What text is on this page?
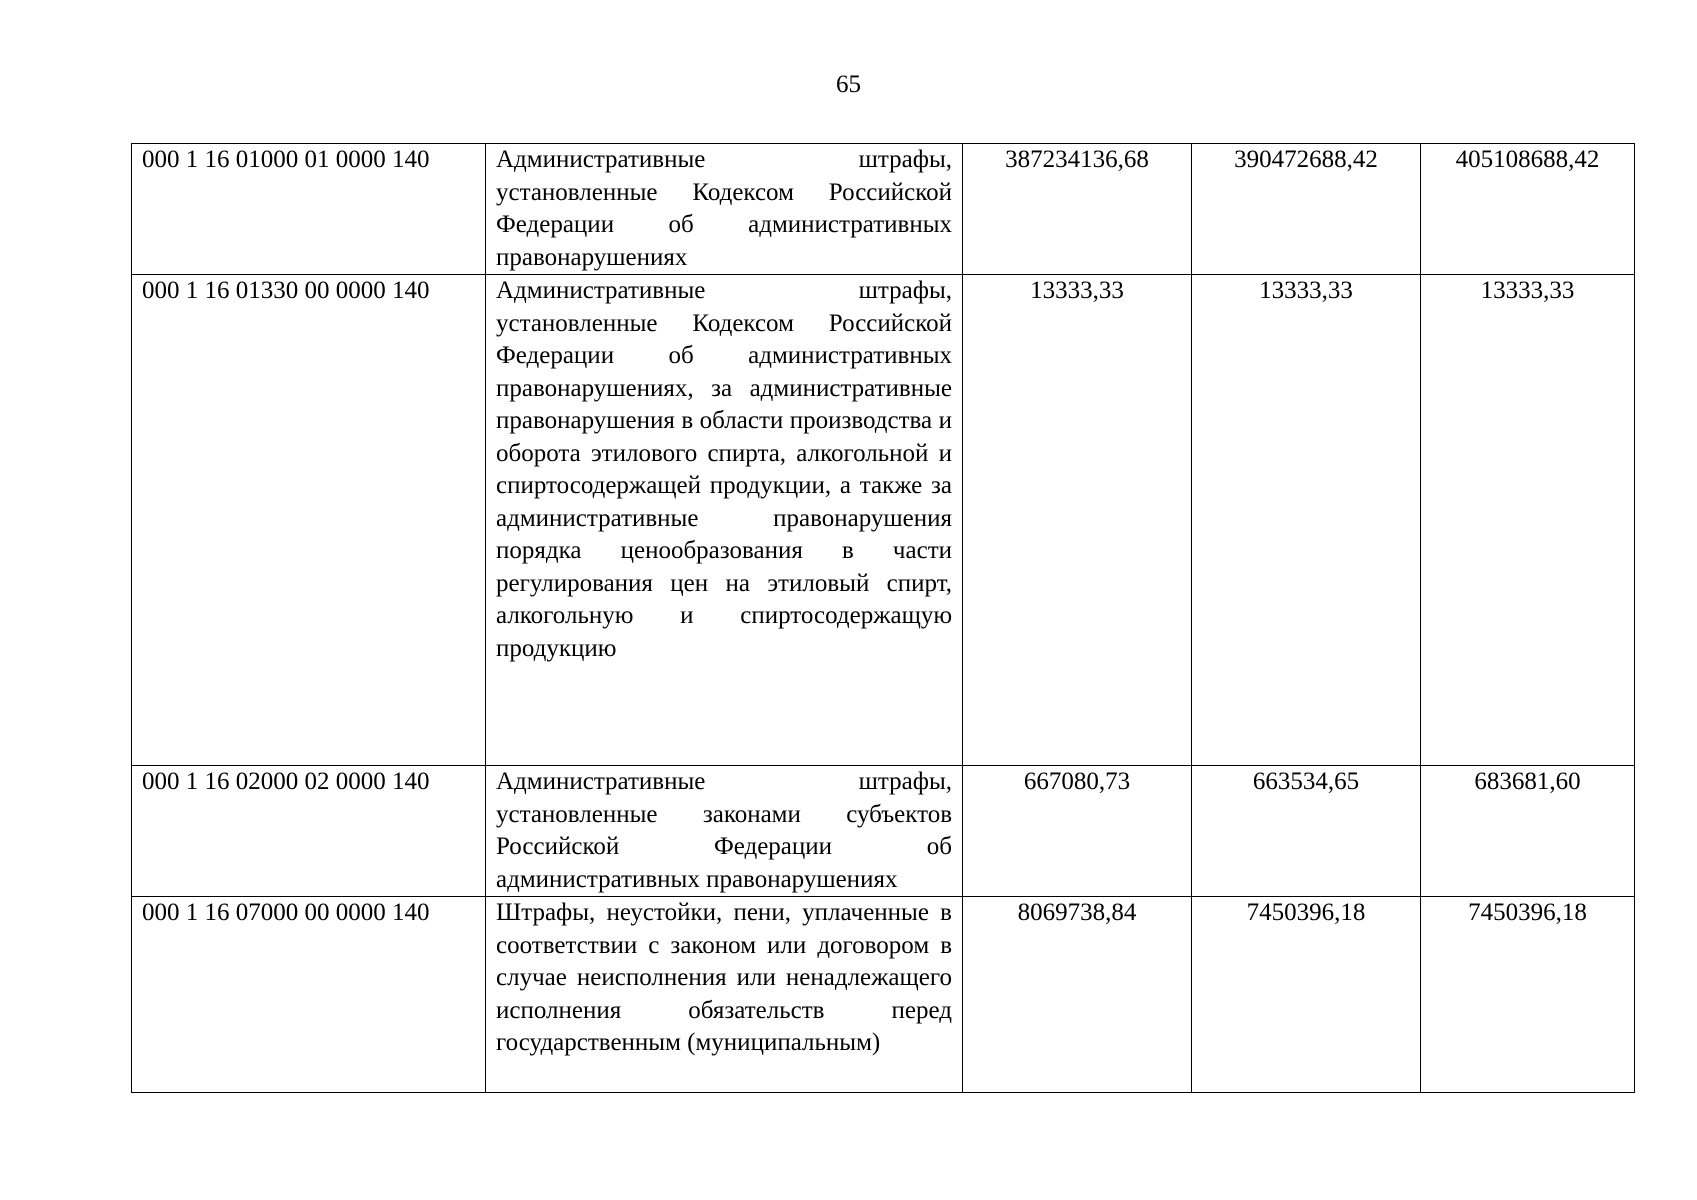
65
000 1 16 01000 01 0000 140	Административные штрафы, установленные Кодексом Российской Федерации об административных правонарушениях	387234136,68	390472688,42	405108688,42
000 1 16 01330 00 0000 140	Административные штрафы, установленные Кодексом Российской Федерации об административных правонарушениях, за административные правонарушения в области производства и оборота этилового спирта, алкогольной и спиртосодержащей продукции, а также за административные правонарушения порядка ценообразования в части регулирования цен на этиловый спирт, алкогольную и спиртосодержащую продукцию	13333,33	13333,33	13333,33
000 1 16 02000 02 0000 140	Административные штрафы, установленные законами субъектов Российской Федерации об административных правонарушениях	667080,73	663534,65	683681,60
000 1 16 07000 00 0000 140	Штрафы, неустойки, пени, уплаченные в соответствии с законом или договором в случае неисполнения или ненадлежащего исполнения обязательств перед государственным (муниципальным)	8069738,84	7450396,18	7450396,18
